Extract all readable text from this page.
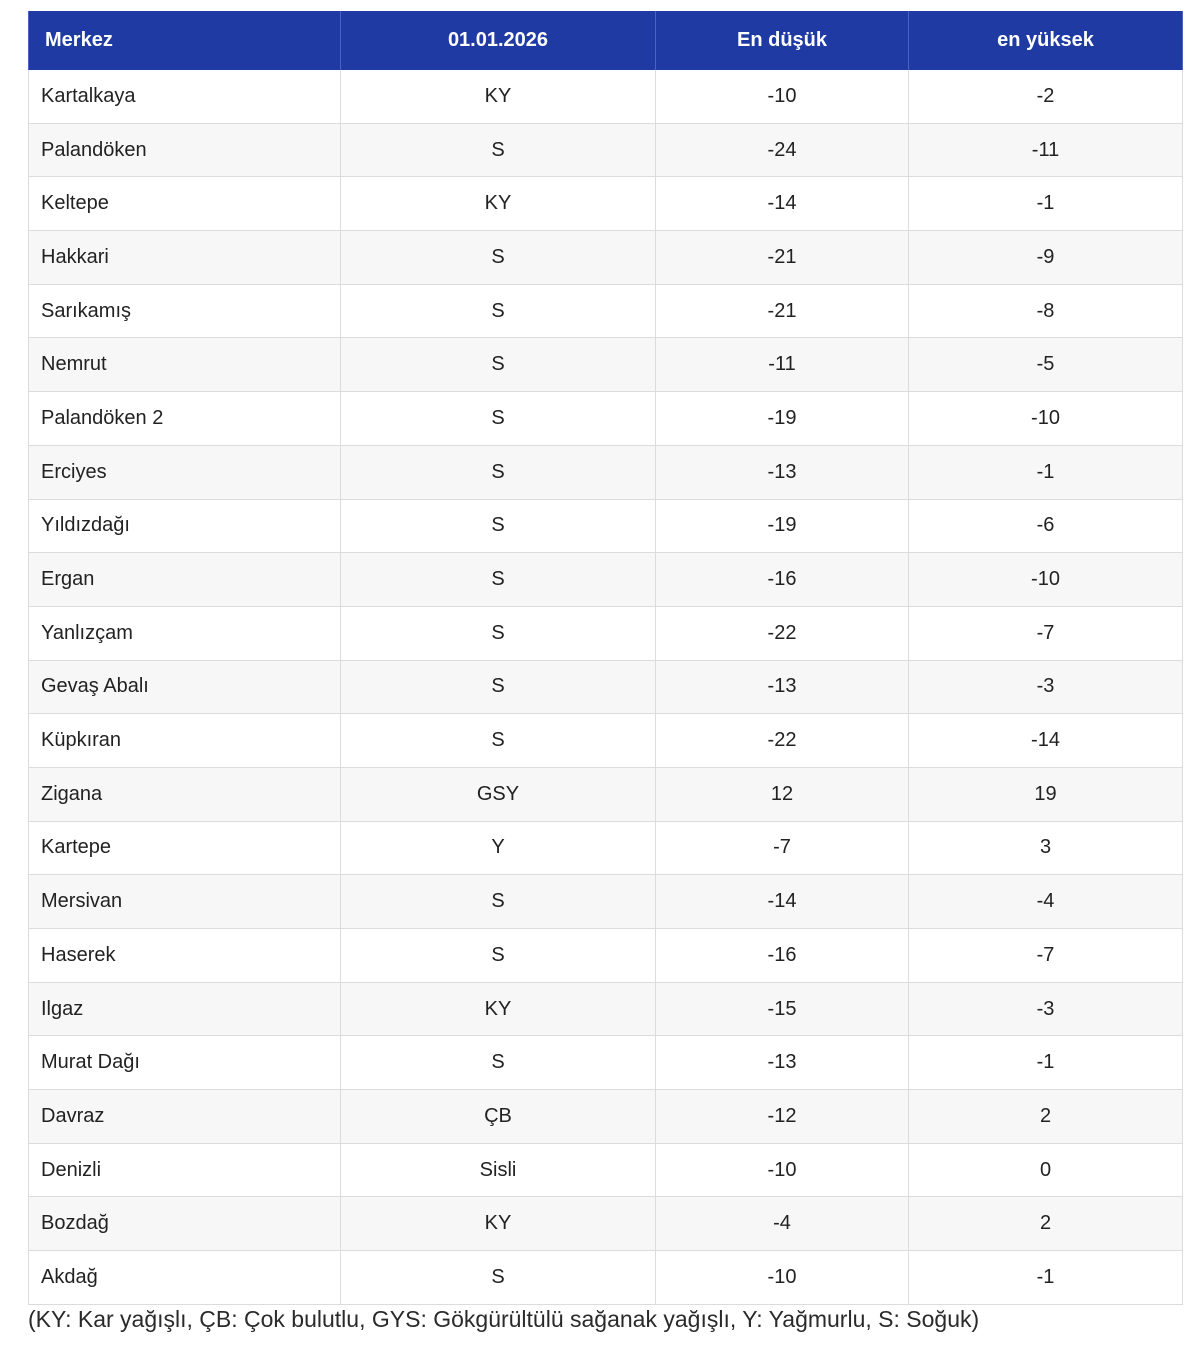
Merkez	01.01.2026	En düşük	en yüksek
Kartalkaya	KY	-10	-2
Palandöken	S	-24	-11
Keltepe	KY	-14	-1
Hakkari	S	-21	-9
Sarıkamış	S	-21	-8
Nemrut	S	-11	-5
Palandöken 2	S	-19	-10
Erciyes	S	-13	-1
Yıldızdağı	S	-19	-6
Ergan	S	-16	-10
Yanlızçam	S	-22	-7
Gevaş Abalı	S	-13	-3
Küpkıran	S	-22	-14
Zigana	GSY	12	19
Kartepe	Y	-7	3
Mersivan	S	-14	-4
Haserek	S	-16	-7
Ilgaz	KY	-15	-3
Murat Dağı	S	-13	-1
Davraz	ÇB	-12	2
Denizli	Sisli	-10	0
Bozdağ	KY	-4	2
Akdağ	S	-10	-1
(KY: Kar yağışlı, ÇB: Çok bulutlu, GYS: Gökgürültülü sağanak yağışlı, Y: Yağmurlu, S: Soğuk)
